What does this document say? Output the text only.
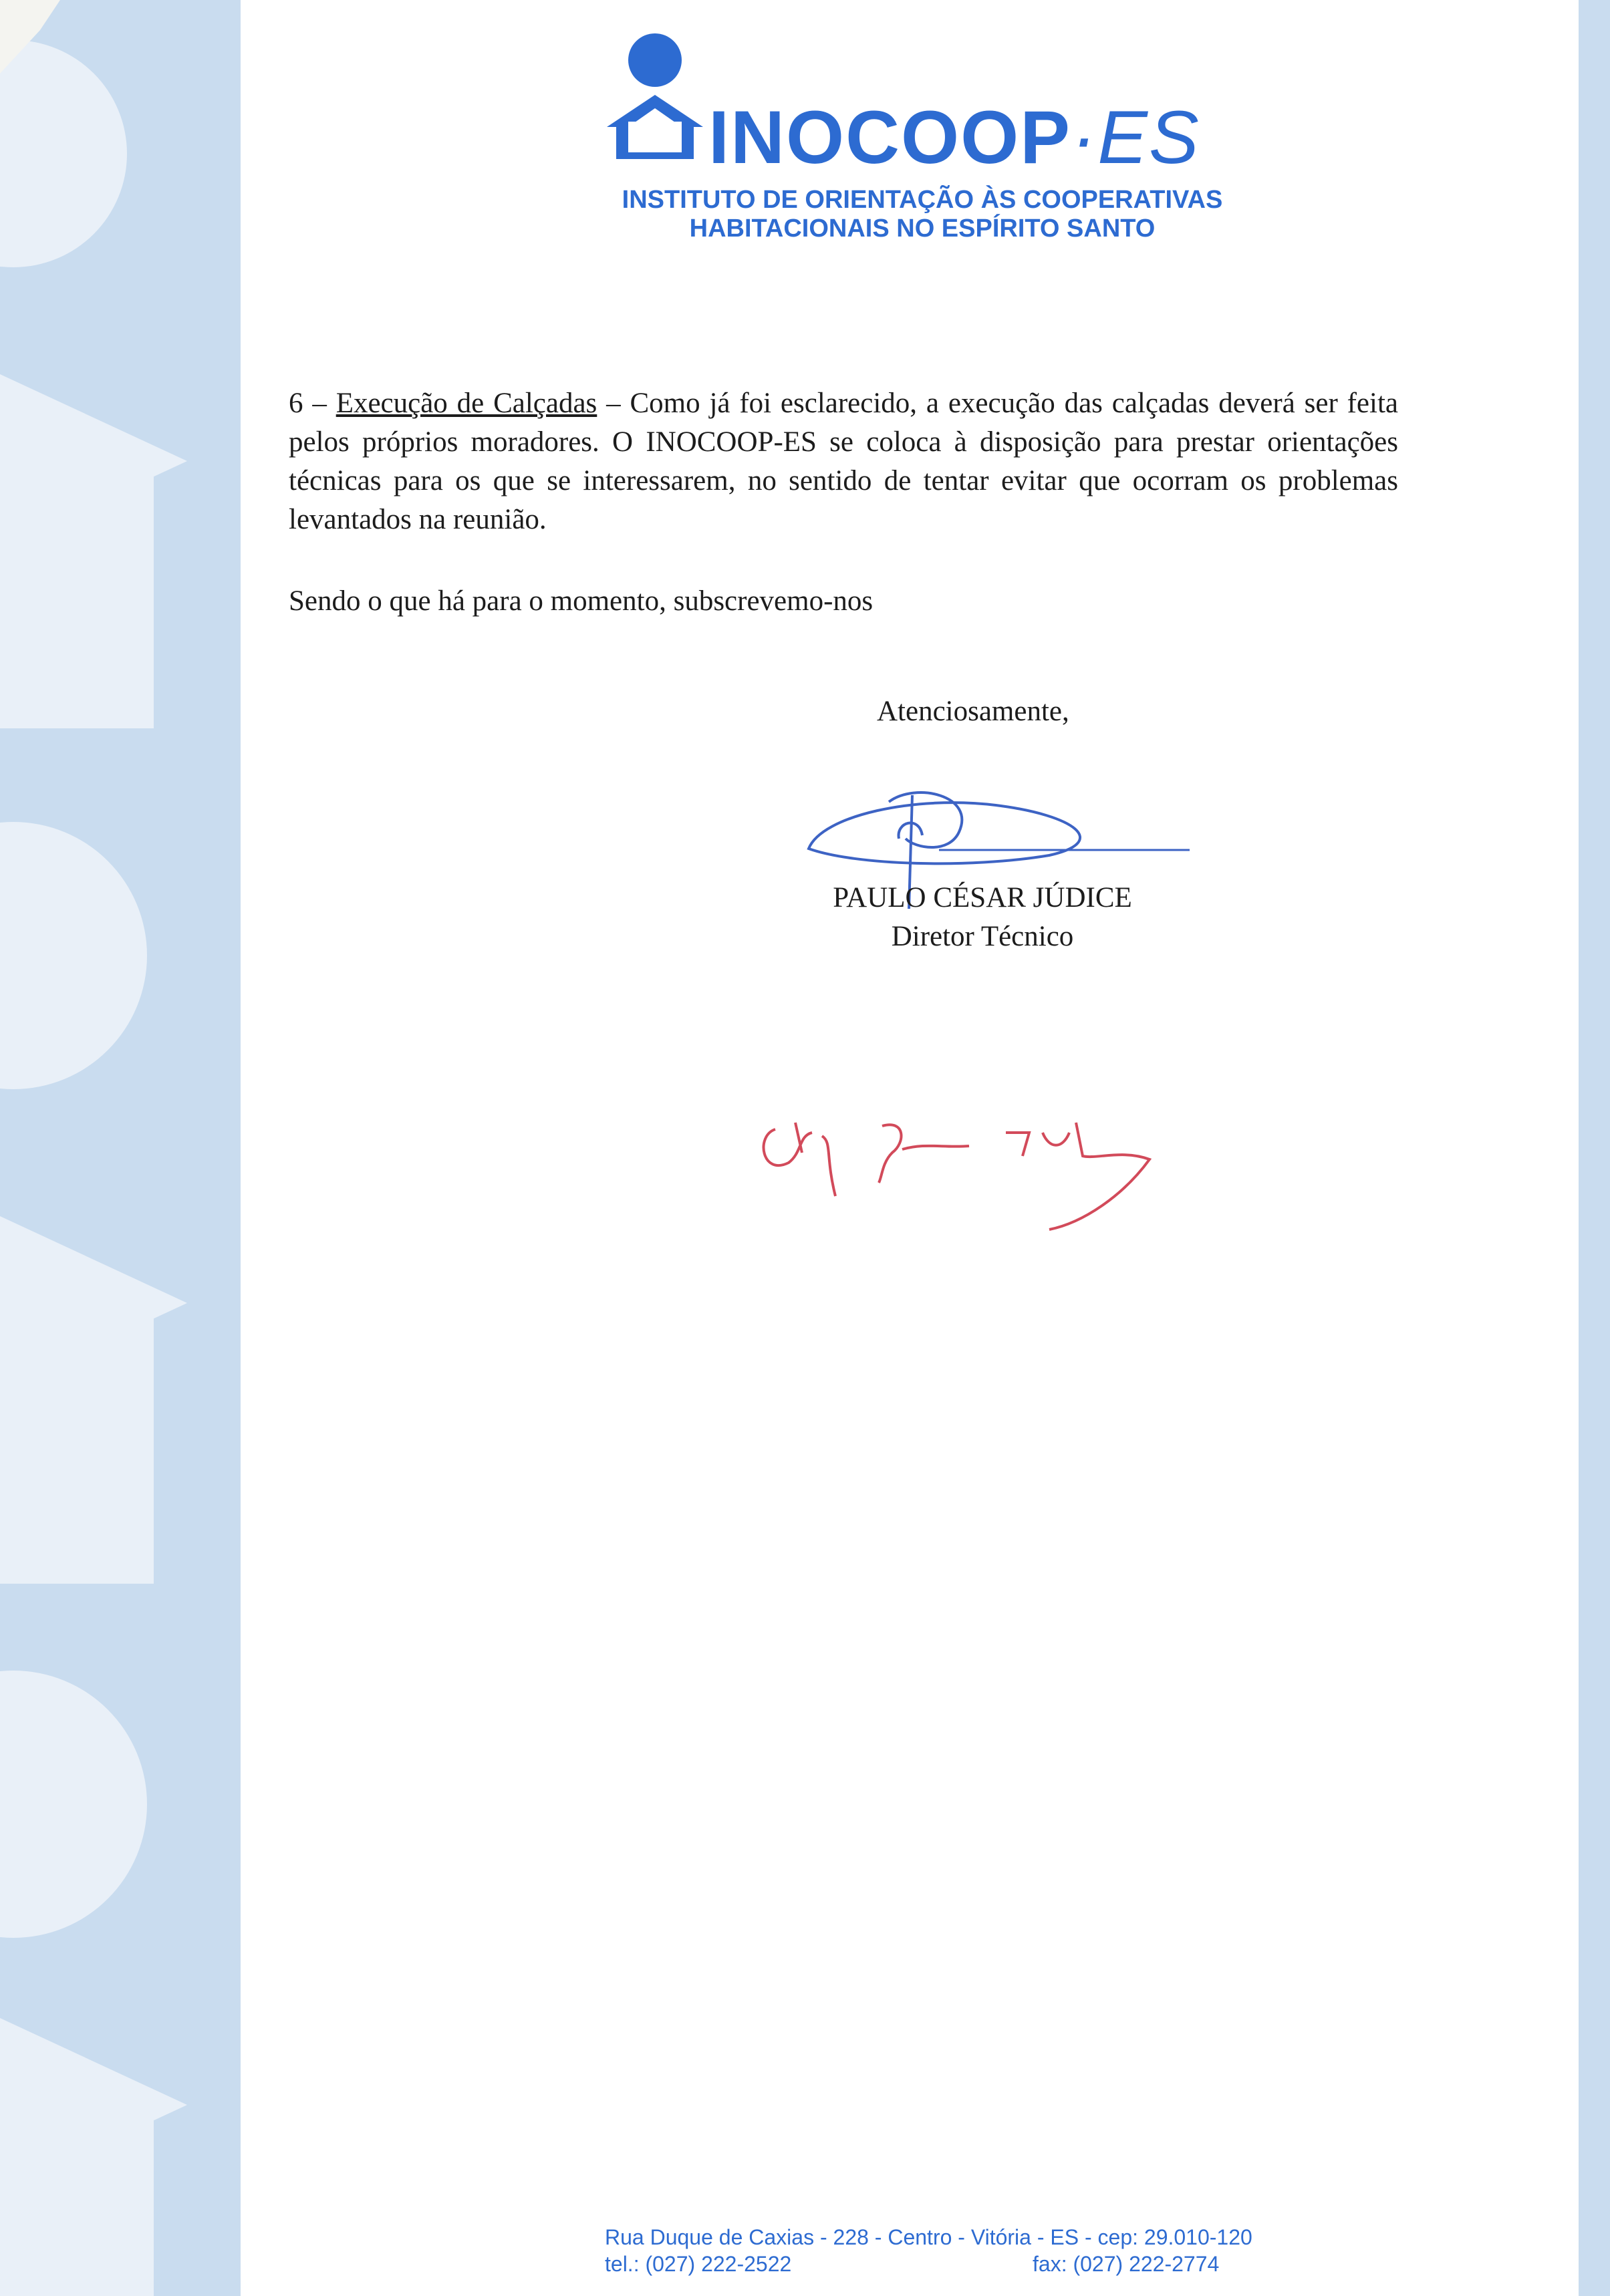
INOCOOP·ES
INSTITUTO DE ORIENTAÇÃO ÀS COOPERATIVAS
HABITACIONAIS NO ESPÍRITO SANTO

6 – Execução de Calçadas – Como já foi esclarecido, a execução das calçadas deverá ser feita pelos próprios moradores. O INOCOOP-ES se coloca à disposição para prestar orientações técnicas para os que se interessarem, no sentido de tentar evitar que ocorram os problemas levantados na reunião.

Sendo o que há para o momento, subscrevemo-nos
Atenciosamente,
PAULO CÉSAR JÚDICE
Diretor Técnico
Rua Duque de Caxias - 228 - Centro - Vitória - ES - cep: 29.010-120
tel.: (027) 222-2522	fax: (027) 222-2774
